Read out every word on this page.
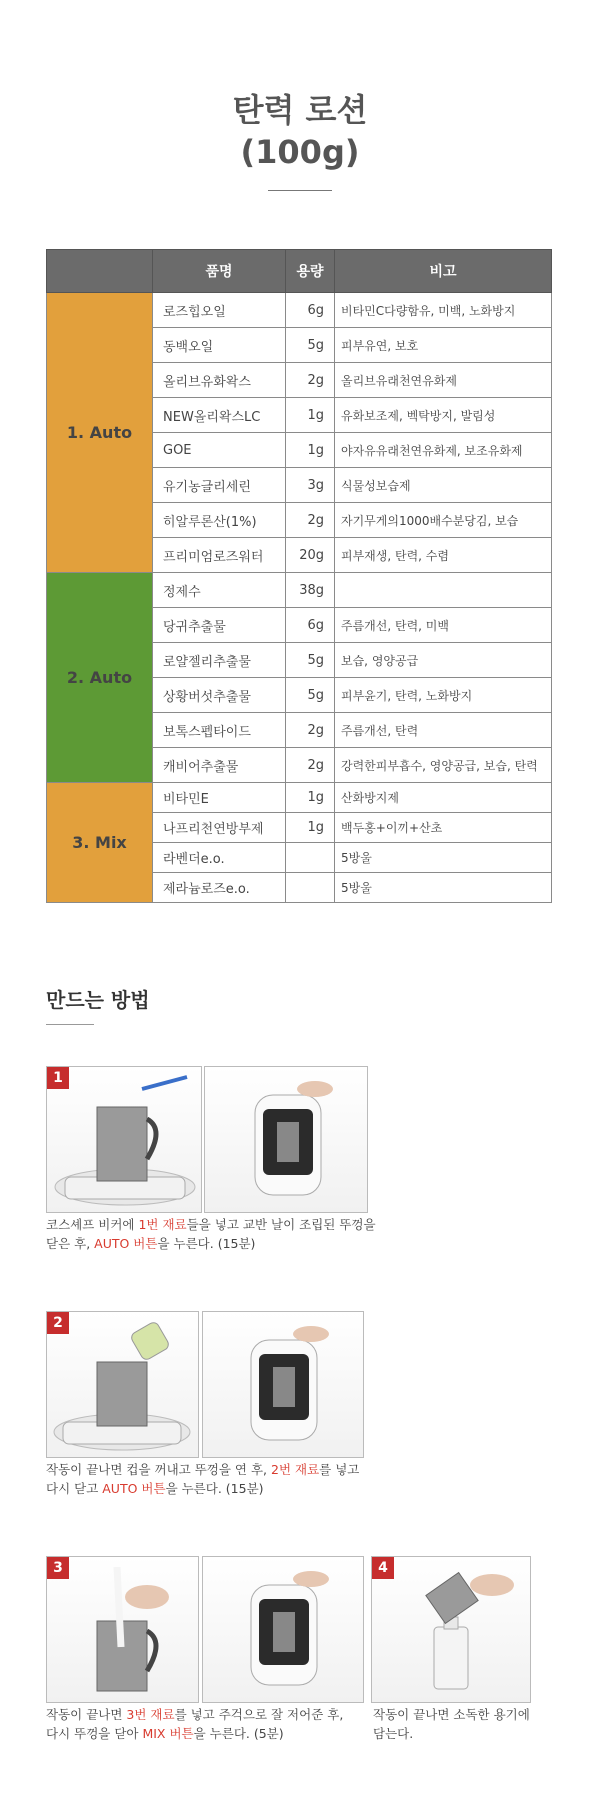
탄력 로션
(100g)
	품명	용량	비고
1. Auto	로즈힙오일	6g	비타민C다량함유, 미백, 노화방지
	동백오일	5g	피부유연, 보호
	올리브유화왁스	2g	올리브유래천연유화제
	NEW올리왁스LC	1g	유화보조제, 벡탁방지, 발림성
	GOE	1g	야자유유래천연유화제, 보조유화제
	유기농글리세린	3g	식물성보습제
	히알루론산(1%)	2g	자기무게의1000배수분당김, 보습
	프리미엄로즈워터	20g	피부재생, 탄력, 수렴
2. Auto	정제수	38g	
	당귀추출물	6g	주름개선, 탄력, 미백
	로얄젤리추출물	5g	보습, 영양공급
	상황버섯추출물	5g	피부윤기, 탄력, 노화방지
	보톡스펩타이드	2g	주름개선, 탄력
	캐비어추출물	2g	강력한피부흡수, 영양공급, 보습, 탄력
3. Mix	비타민E	1g	산화방지제
	나프리천연방부제	1g	백두홍+이끼+산초
	라벤더e.o.		5방울
	제라늄로즈e.o.		5방울
만드는 방법
1
코스셰프 비커에 1번 재료들을 넣고 교반 날이 조립된 뚜껑을
닫은 후, AUTO 버튼을 누른다. (15분)
2
작동이 끝나면 컵을 꺼내고 뚜껑을 연 후, 2번 재료를 넣고
다시 닫고 AUTO 버튼을 누른다. (15분)
3
작동이 끝나면 3번 재료를 넣고 주걱으로 잘 저어준 후,
다시 뚜껑을 닫아 MIX 버튼을 누른다. (5분)
4
작동이 끝나면 소독한 용기에
담는다.
